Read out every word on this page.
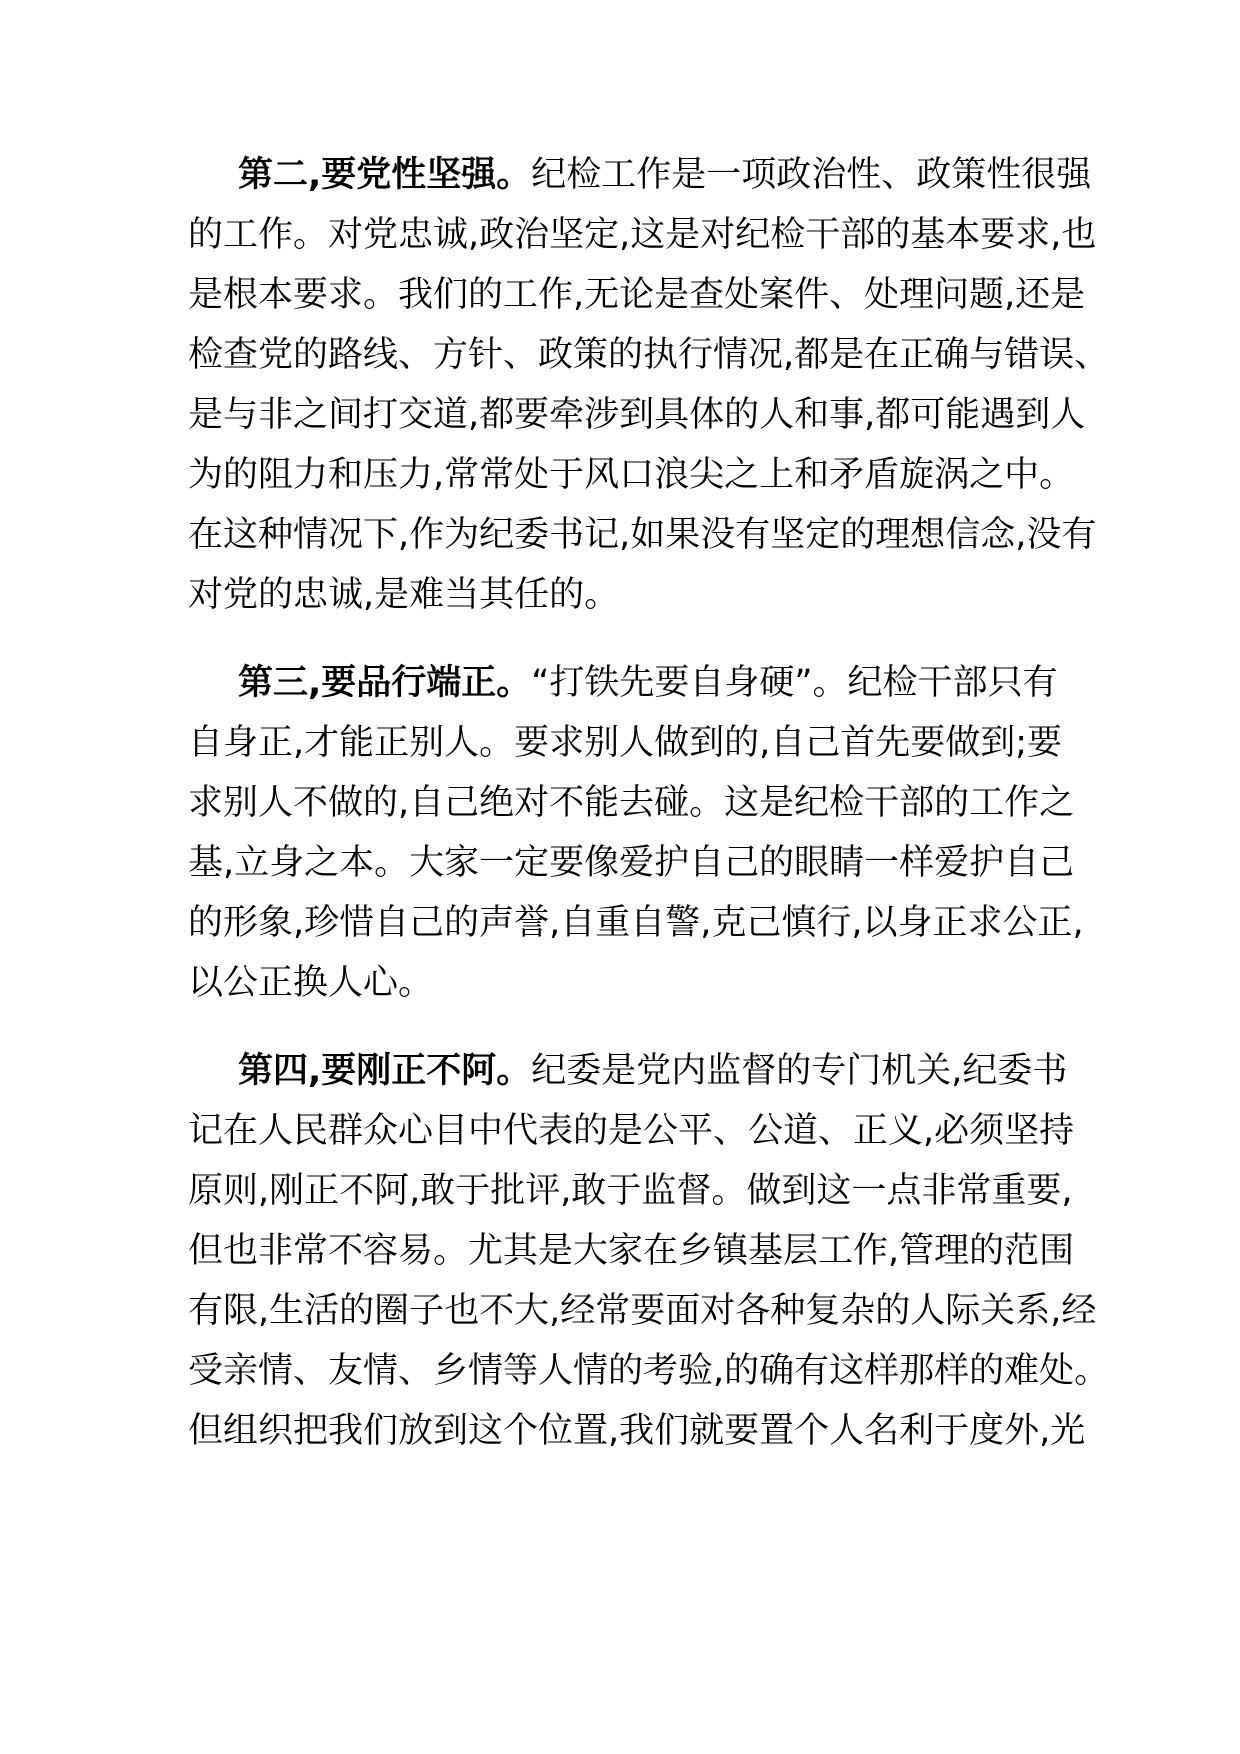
第二,要党性坚强。纪检工作是一项政治性、政策性很强
的工作。对党忠诚,政治坚定,这是对纪检干部的基本要求,也
是根本要求。我们的工作,无论是查处案件、处理问题,还是
检查党的路线、方针、政策的执行情况,都是在正确与错误、
是与非之间打交道,都要牵涉到具体的人和事,都可能遇到人
为的阻力和压力,常常处于风口浪尖之上和矛盾旋涡之中。
在这种情况下,作为纪委书记,如果没有坚定的理想信念,没有
对党的忠诚,是难当其任的。
第三,要品行端正。“打铁先要自身硬”。纪检干部只有
自身正,才能正别人。要求别人做到的,自己首先要做到;要
求别人不做的,自己绝对不能去碰。这是纪检干部的工作之
基,立身之本。大家一定要像爱护自己的眼睛一样爱护自己
的形象,珍惜自己的声誉,自重自警,克己慎行,以身正求公正,
以公正换人心。
第四,要刚正不阿。纪委是党内监督的专门机关,纪委书
记在人民群众心目中代表的是公平、公道、正义,必须坚持
原则,刚正不阿,敢于批评,敢于监督。做到这一点非常重要,
但也非常不容易。尤其是大家在乡镇基层工作,管理的范围
有限,生活的圈子也不大,经常要面对各种复杂的人际关系,经
受亲情、友情、乡情等人情的考验,的确有这样那样的难处。
但组织把我们放到这个位置,我们就要置个人名利于度外,光
